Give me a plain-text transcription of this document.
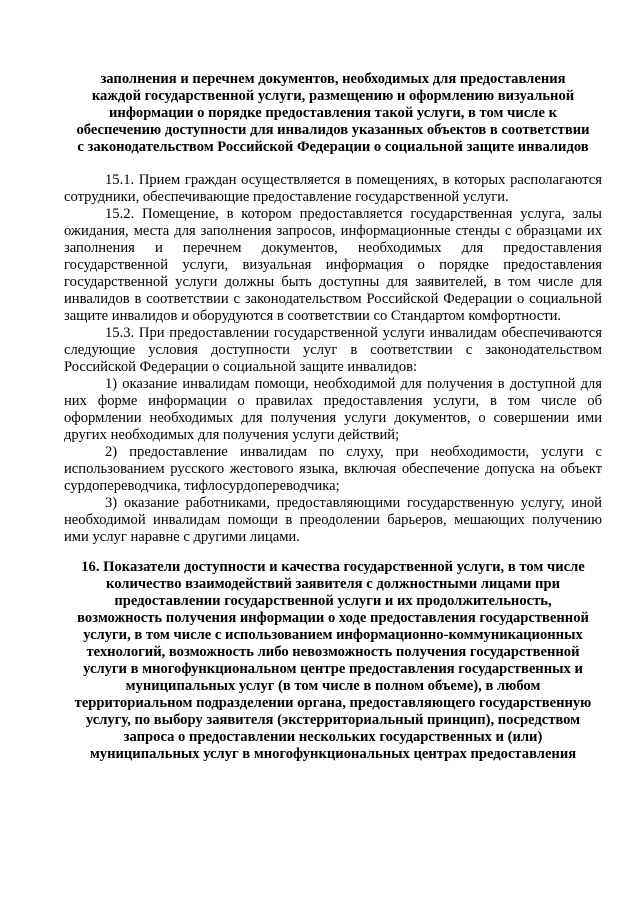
заполнения и перечнем документов, необходимых для предоставления
каждой государственной услуги, размещению и оформлению визуальной
информации о порядке предоставления такой услуги, в том числе к
обеспечению доступности для инвалидов указанных объектов в соответствии
с законодательством Российской Федерации о социальной защите инвалидов

15.1. Прием граждан осуществляется в помещениях, в которых располагаются сотрудники, обеспечивающие предоставление государственной услуги.

15.2. Помещение, в котором предоставляется государственная услуга, залы ожидания, места для заполнения запросов, информационные стенды с образцами их заполнения и перечнем документов, необходимых для предоставления государственной услуги, визуальная информация о порядке предоставления государственной услуги должны быть доступны для заявителей, в том числе для инвалидов в соответствии с законодательством Российской Федерации о социальной защите инвалидов и оборудуются в соответствии со Стандартом комфортности.

15.3. При предоставлении государственной услуги инвалидам обеспечиваются следующие условия доступности услуг в соответствии с законодательством Российской Федерации о социальной защите инвалидов:

1) оказание инвалидам помощи, необходимой для получения в доступной для них форме информации о правилах предоставления услуги, в том числе об оформлении необходимых для получения услуги документов, о совершении ими других необходимых для получения услуги действий;

2) предоставление инвалидам по слуху, при необходимости, услуги с использованием русского жестового языка, включая обеспечение допуска на объект сурдопереводчика, тифлосурдопереводчика;

3) оказание работниками, предоставляющими государственную услугу, иной необходимой инвалидам помощи в преодолении барьеров, мешающих получению ими услуг наравне с другими лицами.

16. Показатели доступности и качества государственной услуги, в том числе
количество взаимодействий заявителя с должностными лицами при
предоставлении государственной услуги и их продолжительность,
возможность получения информации о ходе предоставления государственной
услуги, в том числе с использованием информационно-коммуникационных
технологий, возможность либо невозможность получения государственной
услуги в многофункциональном центре предоставления государственных и
муниципальных услуг (в том числе в полном объеме), в любом
территориальном подразделении органа, предоставляющего государственную
услугу, по выбору заявителя (экстерриториальный принцип), посредством
запроса о предоставлении нескольких государственных и (или)
муниципальных услуг в многофункциональных центрах предоставления
